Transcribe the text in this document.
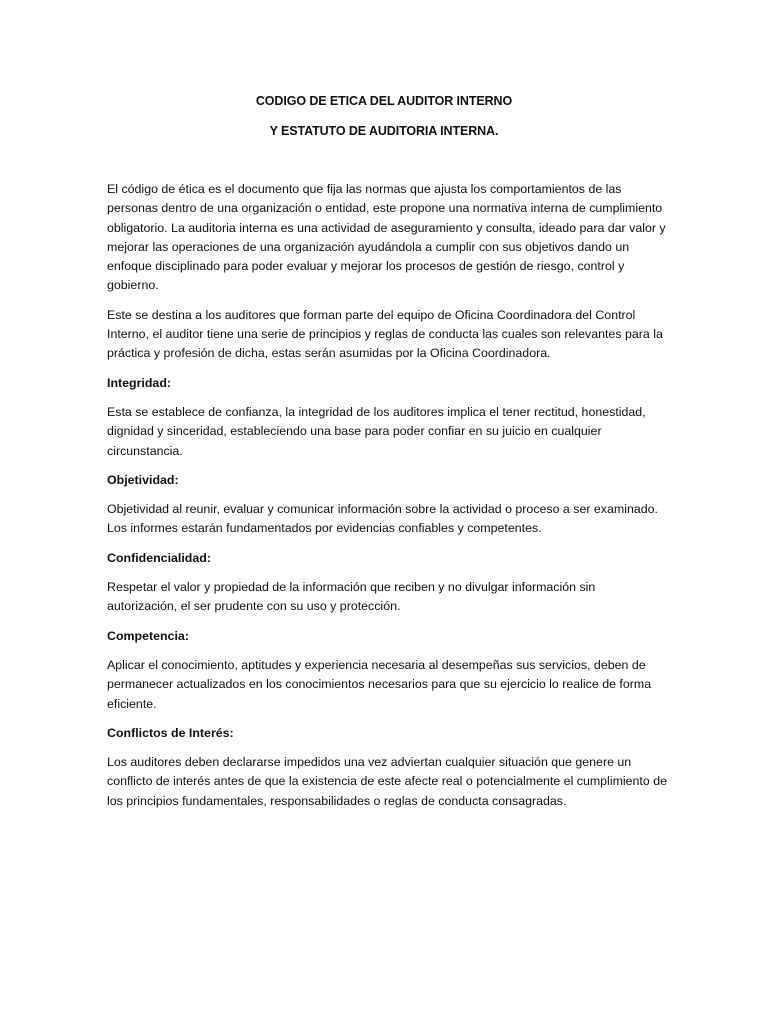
CODIGO DE ETICA DEL AUDITOR INTERNO
Y ESTATUTO DE AUDITORIA INTERNA.

El código de ética es el documento que fija las normas que ajusta los comportamientos de las personas dentro de una organización o entidad, este propone una normativa interna de cumplimiento obligatorio. La auditoria interna es una actividad de aseguramiento y consulta, ideado para dar valor y mejorar las operaciones de una organización ayudándola a cumplir con sus objetivos dando un enfoque disciplinado para poder evaluar y mejorar los procesos de gestión de riesgo, control y gobierno.

Este se destina a los auditores que forman parte del equipo de Oficina Coordinadora del Control Interno, el auditor tiene una serie de principios y reglas de conducta las cuales son relevantes para la práctica y profesión de dicha, estas serán asumidas por la Oficina Coordinadora.

Integridad:

Esta se establece de confianza, la integridad de los auditores implica el tener rectitud, honestidad, dignidad y sinceridad, estableciendo una base para poder confiar en su juicio en cualquier circunstancia.

Objetividad:

Objetividad al reunir, evaluar y comunicar información sobre la actividad o proceso a ser examinado. Los informes estarán fundamentados por evidencias confiables y competentes.

Confidencialidad:

Respetar el valor y propiedad de la información que reciben y no divulgar información sin autorización, el ser prudente con su uso y protección.

Competencia:

Aplicar el conocimiento, aptitudes y experiencia necesaria al desempeñas sus servicios, deben de permanecer actualizados en los conocimientos necesarios para que su ejercicio lo realice de forma eficiente.

Conflictos de Interés:

Los auditores deben declararse impedidos una vez adviertan cualquier situación que genere un conflicto de interés antes de que la existencia de este afecte real o potencialmente el cumplimiento de los principios fundamentales, responsabilidades o reglas de conducta consagradas.
